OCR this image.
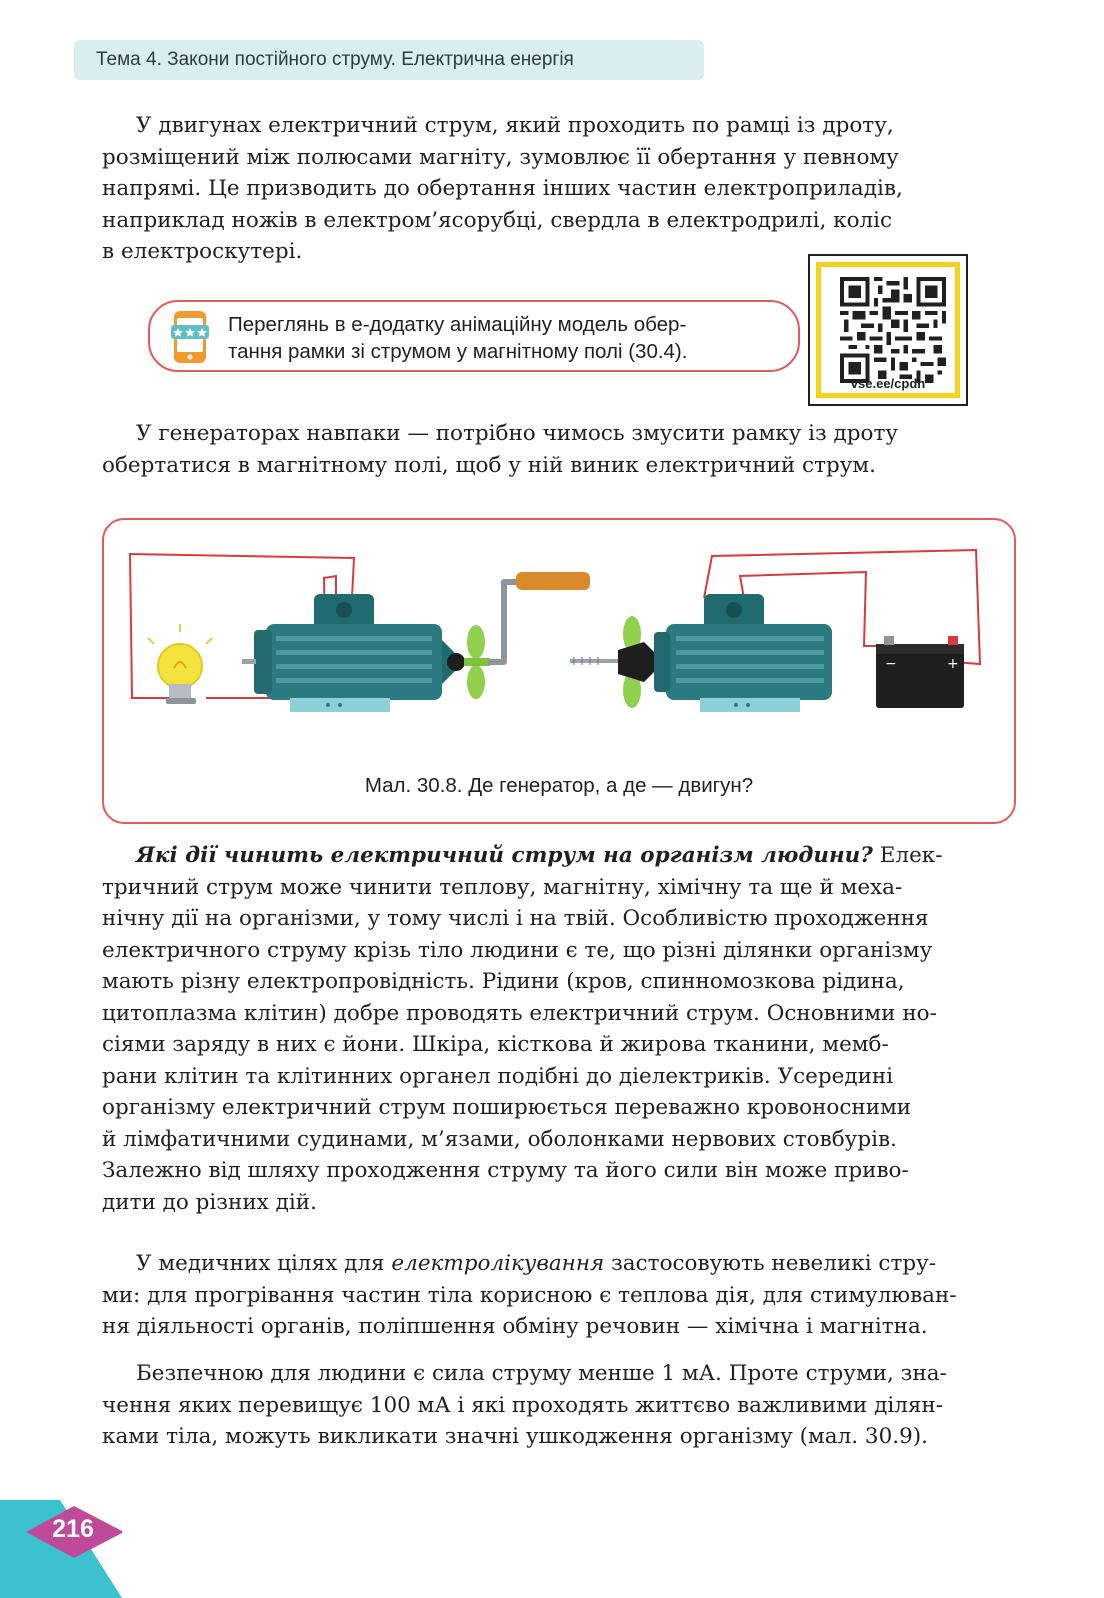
Тема 4. Закони постійного струму. Електрична енергія
У двигунах електричний струм, який проходить по рамці із дроту,
розміщений між полюсами магніту, зумовлює її обертання у певному
напрямі. Це призводить до обертання інших частин електроприладів,
наприклад ножів в електром’ясорубці, свердла в електродрилі, коліс
в електроскутері.
Переглянь в е-додатку анімаційну модель обер-
тання рамки зі струмом у магнітному полі (30.4).
vse.ee/cpdh
У генераторах навпаки — потрібно чимось змусити рамку із дроту
обертатися в магнітному полі, щоб у ній виник електричний струм.
−	+
Мал. 30.8. Де генератор, а де — двигун?
Які дії чинить електричний струм на організм людини? Елек-
тричний струм може чинити теплову, магнітну, хімічну та ще й меха-
нічну дії на організми, у тому числі і на твій. Особливістю проходження
електричного струму крізь тіло людини є те, що різні ділянки організму
мають різну електропровідність. Рідини (кров, спинномозкова рідина,
цитоплазма клітин) добре проводять електричний струм. Основними но-
сіями заряду в них є йони. Шкіра, кісткова й жирова тканини, мемб-
рани клітин та клітинних органел подібні до діелектриків. Усередині
організму електричний струм поширюється переважно кровоносними
й лімфатичними судинами, м’язами, оболонками нервових стовбурів.
Залежно від шляху проходження струму та його сили він може приво-
дити до різних дій.
У медичних цілях для електролікування застосовують невеликі стру-
ми: для прогрівання частин тіла корисною є теплова дія, для стимулюван-
ня діяльності органів, поліпшення обміну речовин — хімічна і магнітна.
Безпечною для людини є сила струму менше 1 мА. Проте струми, зна-
чення яких перевищує 100 мА і які проходять життєво важливими ділян-
ками тіла, можуть викликати значні ушкодження організму (мал. 30.9).
216
